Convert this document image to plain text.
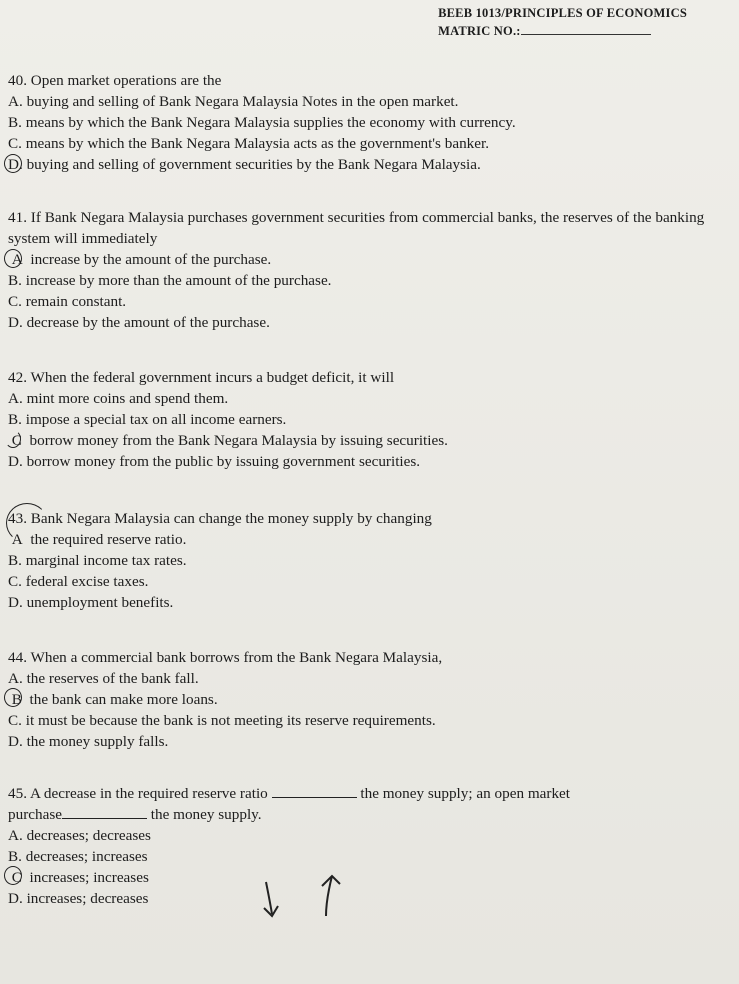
BEEB 1013/PRINCIPLES OF ECONOMICS
MATRIC NO.:
40. Open market operations are the
A. buying and selling of Bank Negara Malaysia Notes in the open market.
B. means by which the Bank Negara Malaysia supplies the economy with currency.
C. means by which the Bank Negara Malaysia acts as the government's banker.
D. buying and selling of government securities by the Bank Negara Malaysia.
41. If Bank Negara Malaysia purchases government securities from commercial banks, the reserves of the banking system will immediately
A increase by the amount of the purchase.
B. increase by more than the amount of the purchase.
C. remain constant.
D. decrease by the amount of the purchase.
42. When the federal government incurs a budget deficit, it will
A. mint more coins and spend them.
B. impose a special tax on all income earners.
C borrow money from the Bank Negara Malaysia by issuing securities.
D. borrow money from the public by issuing government securities.
43. Bank Negara Malaysia can change the money supply by changing
A the required reserve ratio.
B. marginal income tax rates.
C. federal excise taxes.
D. unemployment benefits.
44. When a commercial bank borrows from the Bank Negara Malaysia,
A. the reserves of the bank fall.
B the bank can make more loans.
C. it must be because the bank is not meeting its reserve requirements.
D. the money supply falls.
45. A decrease in the required reserve ratio	the money supply; an open market
purchase	the money supply.
A. decreases; decreases
B. decreases; increases
C increases; increases
D. increases; decreases
